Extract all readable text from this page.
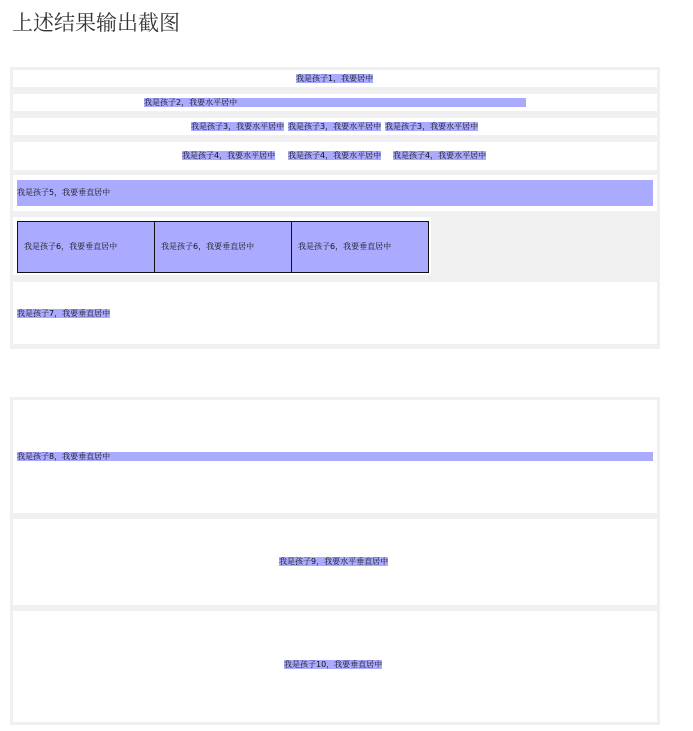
上述结果输出截图
我是孩子1，我要居中
我是孩子2，我要水平居中
我是孩子3，我要水平居中 我是孩子3，我要水平居中 我是孩子3，我要水平居中
我是孩子4，我要水平居中 我是孩子4，我要水平居中 我是孩子4，我要水平居中
我是孩子5，我要垂直居中
我是孩子6，我要垂直居中	我是孩子6，我要垂直居中	我是孩子6，我要垂直居中
我是孩子7，我要垂直居中
我是孩子8，我要垂直居中
我是孩子9，我要水平垂直居中
我是孩子10，我要垂直居中
